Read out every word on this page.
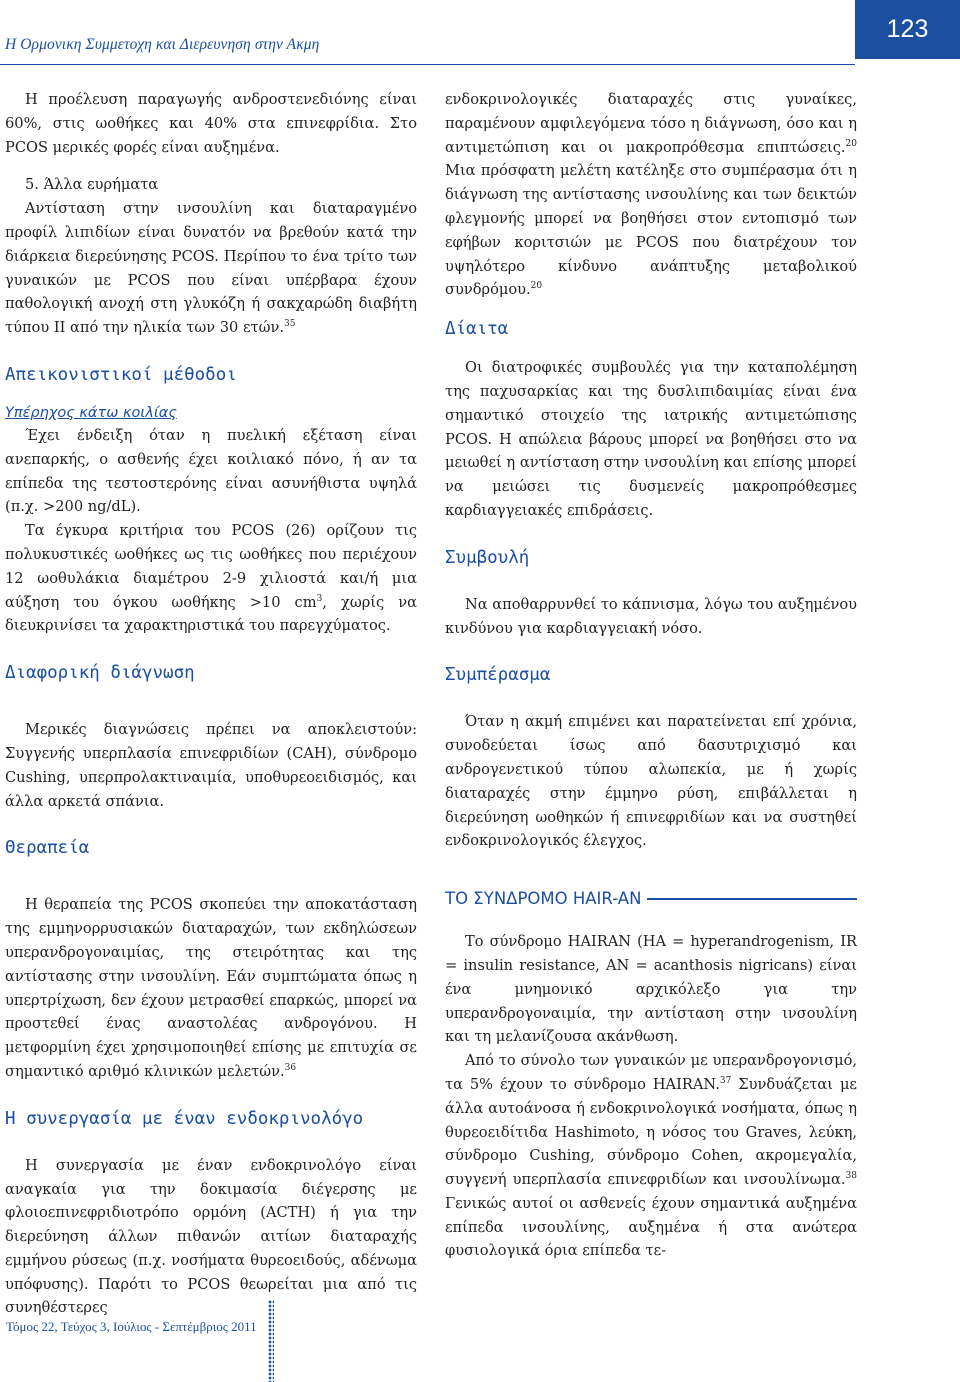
Η Ορμονικη Συμμετοχη και Διερευνηση στην Ακμη
123

Η προέλευση παραγωγής ανδροστενεδιόνης είναι 60%, στις ωοθήκες και 40% στα επινεφρίδια. Στο PCOS μερικές φορές είναι αυξημένα.

5. Άλλα ευρήματα

Αντίσταση στην ινσουλίνη και διαταραγμένο προφίλ λιπιδίων είναι δυνατόν να βρεθούν κατά την διάρκεια διερεύνησης PCOS. Περίπου το ένα τρίτο των γυναικών με PCOS που είναι υπέρβαρα έχουν παθολογική ανοχή στη γλυκόζη ή σακχαρώδη διαβήτη τύπου ΙΙ από την ηλικία των 30 ετών.$^{35}$

Απεικονιστικοί μέθοδοι
Υπέρηχος κάτω κοιλίας

Έχει ένδειξη όταν η πυελική εξέταση είναι ανεπαρκής, ο ασθενής έχει κοιλιακό πόνο, ή αν τα επίπεδα της τεστοστερόνης είναι ασυνήθιστα υψηλά (π.χ. >200 ng/dL).

Τα έγκυρα κριτήρια του PCOS (26) ορίζουν τις πολυκυστικές ωοθήκες ως τις ωοθήκες που περιέχουν 12 ωοθυλάκια διαμέτρου 2-9 χιλιοστά και/ή μια αύξηση του όγκου ωοθήκης >10 $cm^3$, χωρίς να διευκρινίσει τα χαρακτηριστικά του παρεγχύματος.

Διαφορική διάγνωση

Μερικές διαγνώσεις πρέπει να αποκλειστούν: Συγγενής υπερπλασία επινεφριδίων (CAH), σύνδρομο Cushing, υπερπρολακτιναιμία, υποθυρεοειδισμός, και άλλα αρκετά σπάνια.

Θεραπεία

Η θεραπεία της PCOS σκοπεύει την αποκατάσταση της εμμηνορρυσιακών διαταραχών, των εκδηλώσεων υπερανδρογοναιμίας, της στειρότητας και της αντίστασης στην ινσουλίνη. Εάν συμπτώματα όπως η υπερτρίχωση, δεν έχουν μετρασθεί επαρκώς, μπορεί να προστεθεί ένας αναστολέας ανδρογόνου. Η μετφορμίνη έχει χρησιμοποιηθεί επίσης με επιτυχία σε σημαντικό αριθμό κλινικών μελετών.$^{36}$

Η συνεργασία με έναν ενδοκρινολόγο

Η συνεργασία με έναν ενδοκρινολόγο είναι αναγκαία για την δοκιμασία διέγερσης με φλοιοεπινεφριδιοτρόπο ορμόνη (ACTH) ή για την διερεύνηση άλλων πιθανών αιτίων διαταραχής εμμήνου ρύσεως (π.χ. νοσήματα θυρεοειδούς, αδένωμα υπόφυσης). Παρότι το PCOS θεωρείται μια από τις συνηθέστερες

ενδοκρινολογικές διαταραχές στις γυναίκες, παραμένουν αμφιλεγόμενα τόσο η διάγνωση, όσο και η αντιμετώπιση και οι μακροπρόθεσμα επιπτώσεις.$^{20}$ Μια πρόσφατη μελέτη κατέληξε στο συμπέρασμα ότι η διάγνωση της αντίστασης ινσουλίνης και των δεικτών φλεγμονής μπορεί να βοηθήσει στον εντοπισμό των εφήβων κοριτσιών με PCOS που διατρέχουν τον υψηλότερο κίνδυνο ανάπτυξης μεταβολικού συνδρόμου.$^{20}$

Δίαιτα

Οι διατροφικές συμβουλές για την καταπολέμηση της παχυσαρκίας και της δυσλιπιδαιμίας είναι ένα σημαντικό στοιχείο της ιατρικής αντιμετώπισης PCOS. Η απώλεια βάρους μπορεί να βοηθήσει στο να μειωθεί η αντίσταση στην ινσουλίνη και επίσης μπορεί να μειώσει τις δυσμενείς μακροπρόθεσμες καρδιαγγειακές επιδράσεις.

Συμβουλή

Να αποθαρρυνθεί το κάπνισμα, λόγω του αυξημένου κινδύνου για καρδιαγγειακή νόσο.

Συμπέρασμα

Όταν η ακμή επιμένει και παρατείνεται επί χρόνια, συνοδεύεται ίσως από δασυτριχισμό και ανδρογενετικού τύπου αλωπεκία, με ή χωρίς διαταραχές στην έμμηνο ρύση, επιβάλλεται η διερεύνηση ωοθηκών ή επινεφριδίων και να συστηθεί ενδοκρινολογικός έλεγχος.

ΤΟ ΣΥΝΔΡΟΜΟ HAIR-AN

Το σύνδρομο HAIRAN (HA = hyperandrogenism, IR = insulin resistance, AN = acanthosis nigricans) είναι ένα μνημονικό αρχικόλεξο για την υπερανδρογοναιμία, την αντίσταση στην ινσουλίνη και τη μελανίζουσα ακάνθωση.

Από το σύνολο των γυναικών με υπερανδρογονισμό, τα 5% έχουν το σύνδρομο HAIRAN.$^{37}$ Συνδυάζεται με άλλα αυτοάνοσα ή ενδοκρινολογικά νοσήματα, όπως η θυρεοειδίτιδα Hashimoto, η νόσος του Graves, λεύκη, σύνδρομο Cushing, σύνδρομο Cohen, ακρομεγαλία, συγγενή υπερπλασία επινεφριδίων και ινσουλίνωμα.$^{38}$ Γενικώς αυτοί οι ασθενείς έχουν σημαντικά αυξημένα επίπεδα ινσουλίνης, αυξημένα ή στα ανώτερα φυσιολογικά όρια επίπεδα τε-

Τόμος 22, Τεύχος 3, Ιούλιος - Σεπτέμβριος 2011
